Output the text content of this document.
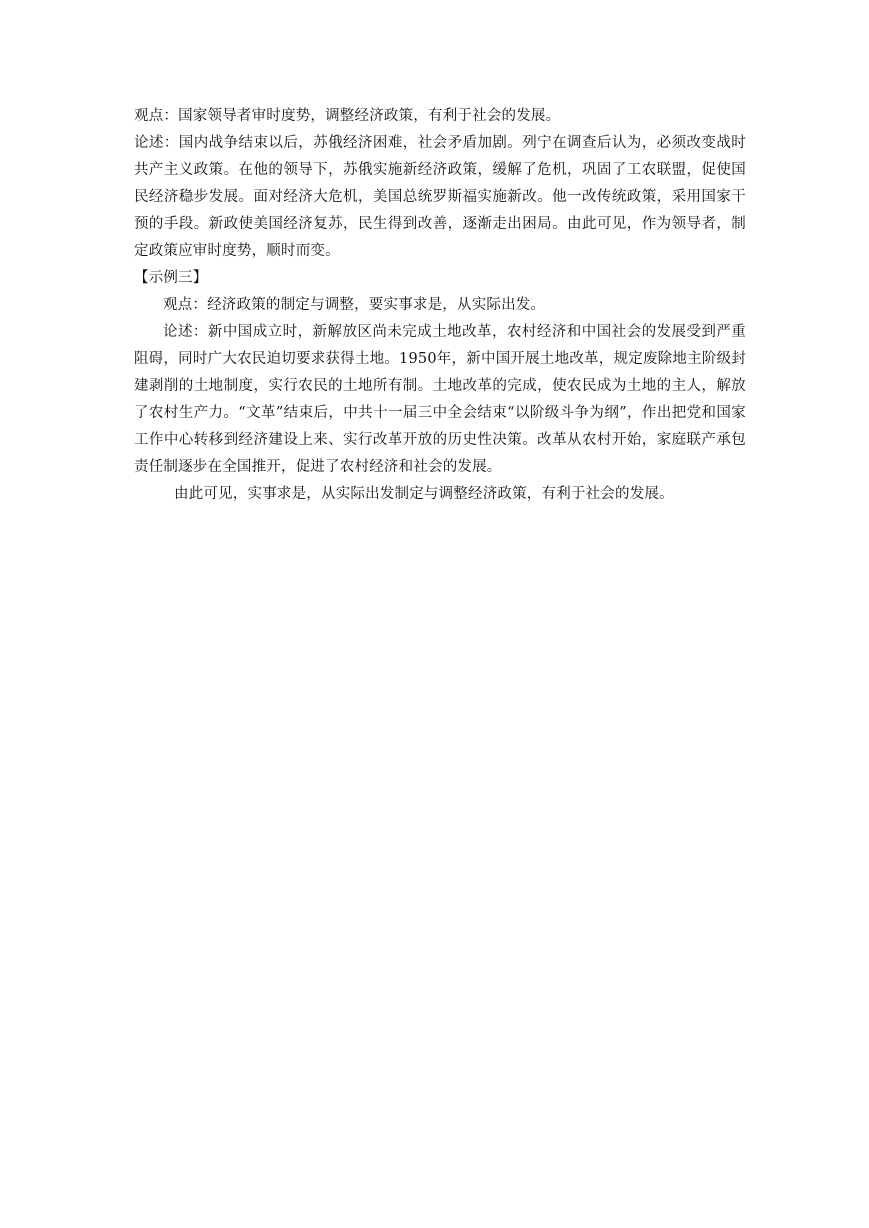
观点：国家领导者审时度势，调整经济政策，有利于社会的发展。

论述：国内战争结束以后，苏俄经济困难，社会矛盾加剧。列宁在调查后认为，必须改变战时共产主义政策。在他的领导下，苏俄实施新经济政策，缓解了危机，巩固了工农联盟，促使国民经济稳步发展。面对经济大危机，美国总统罗斯福实施新改。他一改传统政策，采用国家干预的手段。新政使美国经济复苏，民生得到改善，逐渐走出困局。由此可见，作为领导者，制定政策应审时度势，顺时而变。

【示例三】

观点：经济政策的制定与调整，要实事求是，从实际出发。

论述：新中国成立时，新解放区尚未完成土地改革，农村经济和中国社会的发展受到严重阻碍，同时广大农民迫切要求获得土地。1950年，新中国开展土地改革，规定废除地主阶级封建剥削的土地制度，实行农民的土地所有制。土地改革的完成，使农民成为土地的主人，解放了农村生产力。“文革”结束后，中共十一届三中全会结束“以阶级斗争为纲”，作出把党和国家工作中心转移到经济建设上来、实行改革开放的历史性决策。改革从农村开始，家庭联产承包责任制逐步在全国推开，促进了农村经济和社会的发展。

由此可见，实事求是，从实际出发制定与调整经济政策，有利于社会的发展。
